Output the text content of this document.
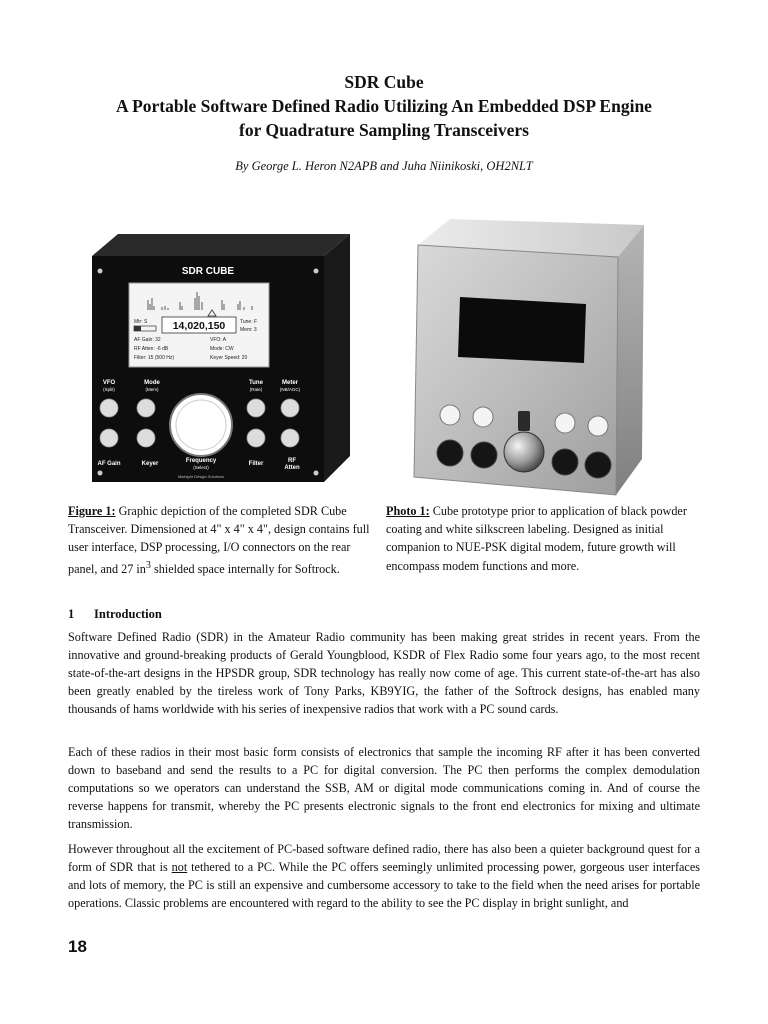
SDR Cube
A Portable Software Defined Radio Utilizing An Embedded DSP Engine
for Quadrature Sampling Transceivers
By George L. Heron N2APB and Juha Niinikoski, OH2NLT
SDR CUBE
Mtr: S 14,020,150	Tune: F
Mem: 3
AF Gain: 32	VFO: A
RF Atten: -6 dB	Mode: CW
Filter: 15 (500 Hz)	Keyer Speed: 20
VFO
(Split)
Mode
(Mem)
Tune
(Rate)
Meter
(NB/AGC)
AF Gain	Keyer	Frequency
(Select)
Filter	RF
Atten
Midnight Design Solutions
Figure 1: Graphic depiction of the completed SDR Cube Transceiver. Dimensioned at 4" x 4" x 4", design contains full user interface, DSP processing, I/O connectors on the rear panel, and 27 $in^3$ shielded space internally for Softrock.
Photo 1: Cube prototype prior to application of black powder coating and white silkscreen labeling. Designed as initial companion to NUE-PSK digital modem, future growth will encompass modem functions and more.
1 Introduction

Software Defined Radio (SDR) in the Amateur Radio community has been making great strides in recent years. From the innovative and ground-breaking products of Gerald Youngblood, KSDR of Flex Radio some four years ago, to the most recent state-of-the-art designs in the HPSDR group, SDR technology has really now come of age. This current state-of-the-art has also been greatly enabled by the tireless work of Tony Parks, KB9YIG, the father of the Softrock designs, has enabled many thousands of hams worldwide with his series of inexpensive radios that work with a PC sound cards.

Each of these radios in their most basic form consists of electronics that sample the incoming RF after it has been converted down to baseband and send the results to a PC for digital conversion. The PC then performs the complex demodulation computations so we operators can understand the SSB, AM or digital mode communications coming in. And of course the reverse happens for transmit, whereby the PC presents electronic signals to the front end electronics for mixing and ultimate transmission.

However throughout all the excitement of PC-based software defined radio, there has also been a quieter background quest for a form of SDR that is not tethered to a PC. While the PC offers seemingly unlimited processing power, gorgeous user interfaces and lots of memory, the PC is still an expensive and cumbersome accessory to take to the field when the need arises for portable operations. Classic problems are encountered with regard to the ability to see the PC display in bright sunlight, and

18
